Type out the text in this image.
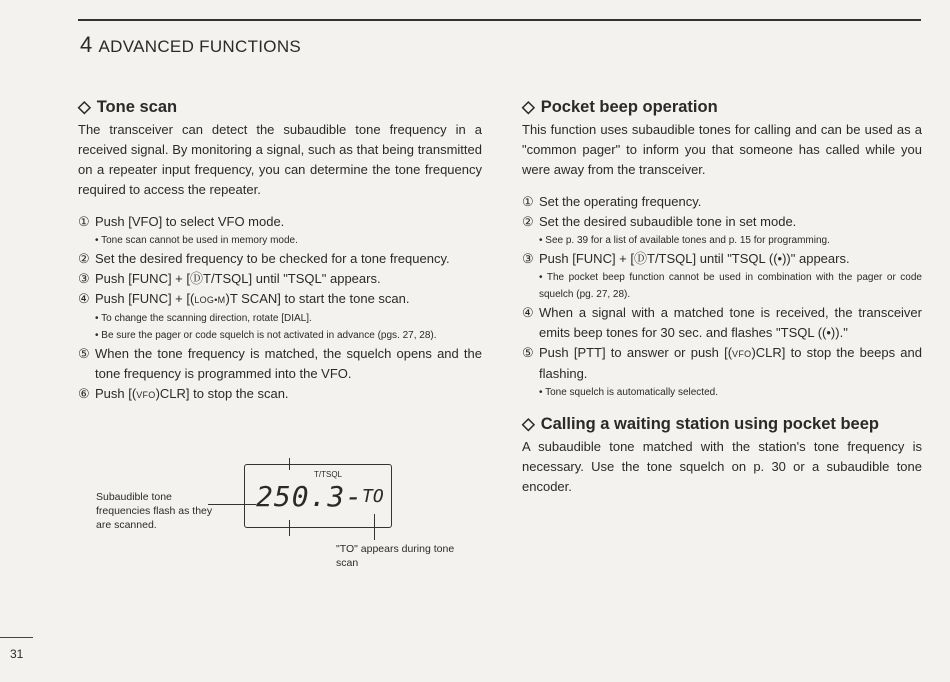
4 ADVANCED FUNCTIONS
◇ Tone scan

The transceiver can detect the subaudible tone frequency in a received signal. By monitoring a signal, such as that being transmitted on a repeater input frequency, you can determine the tone frequency required to access the repeater.

① Push [VFO] to select VFO mode.
• Tone scan cannot be used in memory mode.
② Set the desired frequency to be checked for a tone frequency.
③ Push [FUNC] + [ⒹT/TSQL] until "TSQL" appears.
④ Push [FUNC] + [(LOG•M)T SCAN] to start the tone scan.
• To change the scanning direction, rotate [DIAL].
• Be sure the pager or code squelch is not activated in advance (pgs. 27, 28).
⑤ When the tone frequency is matched, the squelch opens and the tone frequency is programmed into the VFO.
⑥ Push [(VFO)CLR] to stop the scan.
T/TSQL
250.3-
TO
Subaudible tone frequencies flash as they are scanned.
"TO" appears during tone scan
◇ Pocket beep operation

This function uses subaudible tones for calling and can be used as a "common pager" to inform you that someone has called while you were away from the transceiver.

① Set the operating frequency.
② Set the desired subaudible tone in set mode.
• See p. 39 for a list of available tones and p. 15 for programming.
③ Push [FUNC] + [ⒹT/TSQL] until "TSQL ((•))" appears.
• The pocket beep function cannot be used in combination with the pager or code squelch (pg. 27, 28).
④ When a signal with a matched tone is received, the transceiver emits beep tones for 30 sec. and flashes "TSQL ((•))."
⑤ Push [PTT] to answer or push [(VFO)CLR] to stop the beeps and flashing.
• Tone squelch is automatically selected.
◇ Calling a waiting station using pocket beep

A subaudible tone matched with the station's tone frequency is necessary. Use the tone squelch on p. 30 or a subaudible tone encoder.

31
